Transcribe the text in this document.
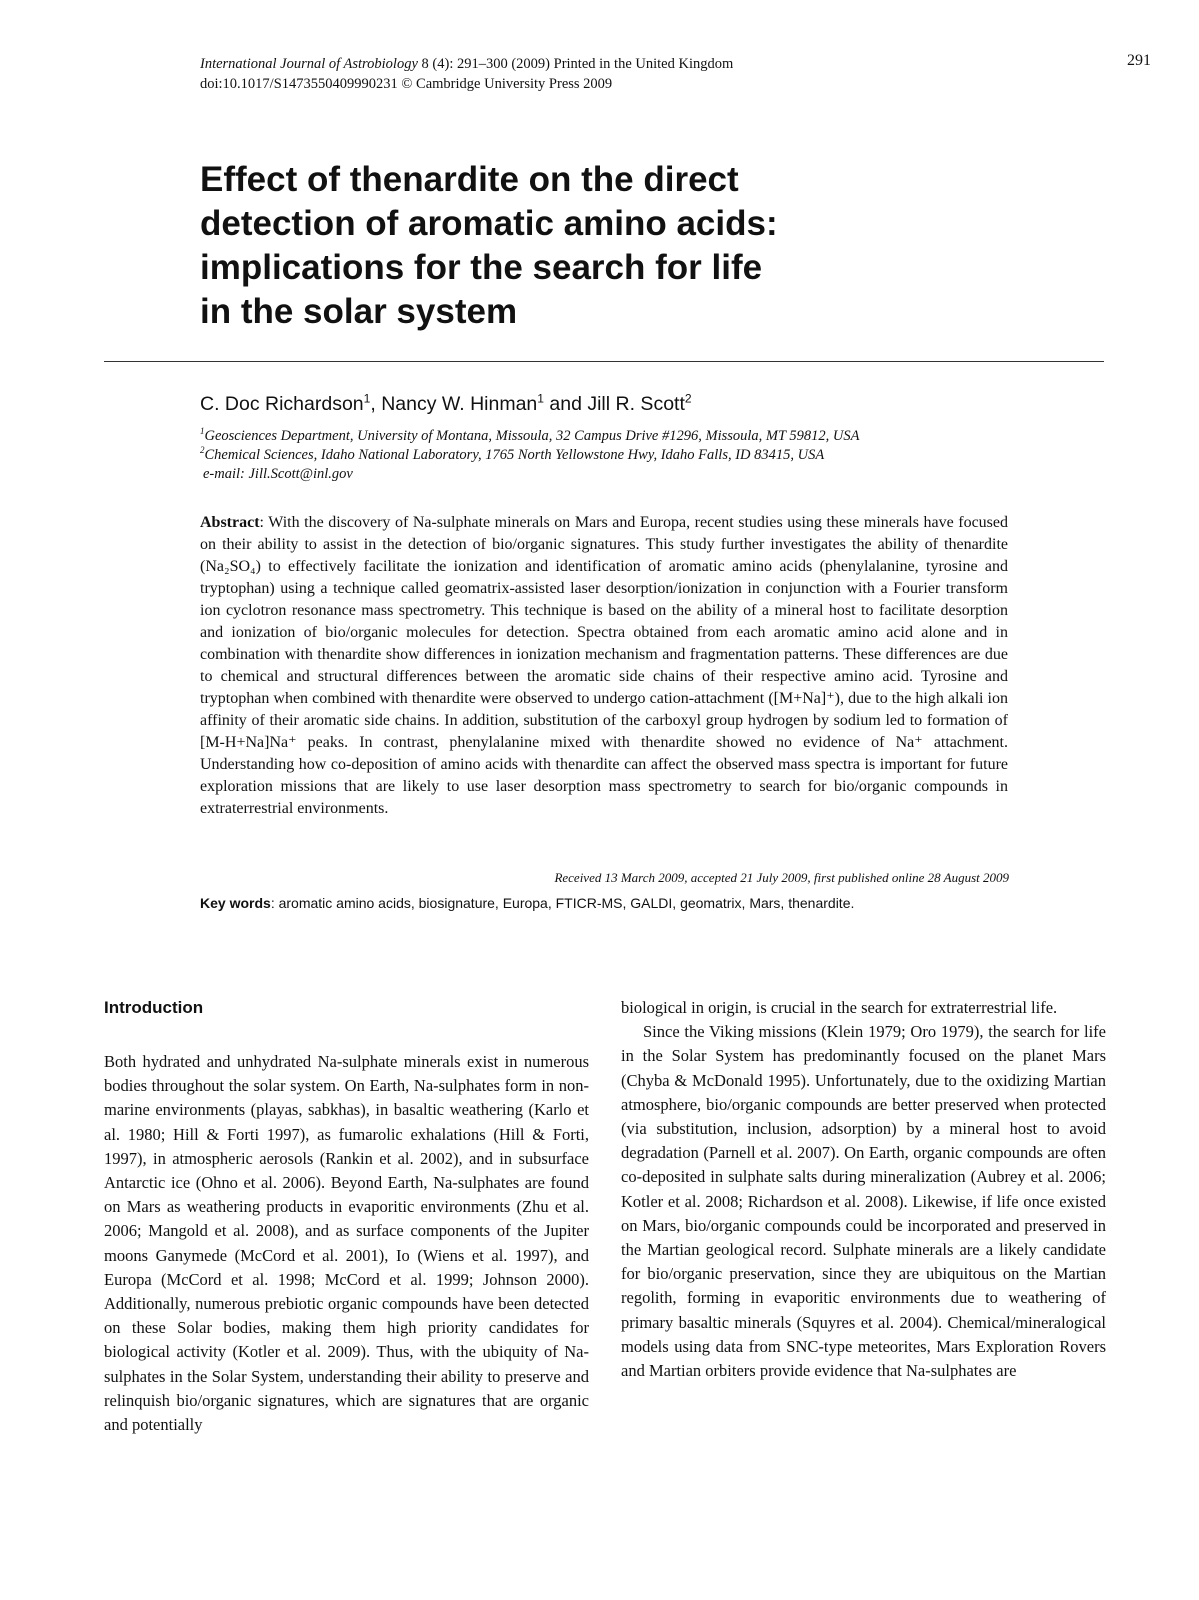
International Journal of Astrobiology 8 (4): 291–300 (2009) Printed in the United Kingdom
doi:10.1017/S1473550409990231 © Cambridge University Press 2009
291
Effect of thenardite on the direct
detection of aromatic amino acids:
implications for the search for life
in the solar system
C. Doc Richardson$^1$, Nancy W. Hinman$^1$ and Jill R. Scott$^2$
$^1$Geosciences Department, University of Montana, Missoula, 32 Campus Drive #1296, Missoula, MT 59812, USA
$^2$Chemical Sciences, Idaho National Laboratory, 1765 North Yellowstone Hwy, Idaho Falls, ID 83415, USA
e-mail: Jill.Scott@inl.gov
Abstract: With the discovery of Na-sulphate minerals on Mars and Europa, recent studies using these minerals have focused on their ability to assist in the detection of bio/organic signatures. This study further investigates the ability of thenardite (Na₂SO₄) to effectively facilitate the ionization and identification of aromatic amino acids (phenylalanine, tyrosine and tryptophan) using a technique called geomatrix-assisted laser desorption/ionization in conjunction with a Fourier transform ion cyclotron resonance mass spectrometry. This technique is based on the ability of a mineral host to facilitate desorption and ionization of bio/organic molecules for detection. Spectra obtained from each aromatic amino acid alone and in combination with thenardite show differences in ionization mechanism and fragmentation patterns. These differences are due to chemical and structural differences between the aromatic side chains of their respective amino acid. Tyrosine and tryptophan when combined with thenardite were observed to undergo cation-attachment ([M+Na]⁺), due to the high alkali ion affinity of their aromatic side chains. In addition, substitution of the carboxyl group hydrogen by sodium led to formation of [M-H+Na]Na⁺ peaks. In contrast, phenylalanine mixed with thenardite showed no evidence of Na⁺ attachment. Understanding how co-deposition of amino acids with thenardite can affect the observed mass spectra is important for future exploration missions that are likely to use laser desorption mass spectrometry to search for bio/organic compounds in extraterrestrial environments.
Received 13 March 2009, accepted 21 July 2009, first published online 28 August 2009
Key words: aromatic amino acids, biosignature, Europa, FTICR-MS, GALDI, geomatrix, Mars, thenardite.
Introduction

Both hydrated and unhydrated Na-sulphate minerals exist in numerous bodies throughout the solar system. On Earth, Na-sulphates form in non-marine environments (playas, sabkhas), in basaltic weathering (Karlo et al. 1980; Hill & Forti 1997), as fumarolic exhalations (Hill & Forti, 1997), in atmospheric aerosols (Rankin et al. 2002), and in subsurface Antarctic ice (Ohno et al. 2006). Beyond Earth, Na-sulphates are found on Mars as weathering products in evaporitic environments (Zhu et al. 2006; Mangold et al. 2008), and as surface components of the Jupiter moons Ganymede (McCord et al. 2001), Io (Wiens et al. 1997), and Europa (McCord et al. 1998; McCord et al. 1999; Johnson 2000). Additionally, numerous prebiotic organic compounds have been detected on these Solar bodies, making them high priority candidates for biological activity (Kotler et al. 2009). Thus, with the ubiquity of Na-sulphates in the Solar System, understanding their ability to preserve and relinquish bio/organic signatures, which are signatures that are organic and potentially

biological in origin, is crucial in the search for extraterrestrial life.

Since the Viking missions (Klein 1979; Oro 1979), the search for life in the Solar System has predominantly focused on the planet Mars (Chyba & McDonald 1995). Unfortunately, due to the oxidizing Martian atmosphere, bio/organic compounds are better preserved when protected (via substitution, inclusion, adsorption) by a mineral host to avoid degradation (Parnell et al. 2007). On Earth, organic compounds are often co-deposited in sulphate salts during mineralization (Aubrey et al. 2006; Kotler et al. 2008; Richardson et al. 2008). Likewise, if life once existed on Mars, bio/organic compounds could be incorporated and preserved in the Martian geological record. Sulphate minerals are a likely candidate for bio/organic preservation, since they are ubiquitous on the Martian regolith, forming in evaporitic environments due to weathering of primary basaltic minerals (Squyres et al. 2004). Chemical/mineralogical models using data from SNC-type meteorites, Mars Exploration Rovers and Martian orbiters provide evidence that Na-sulphates are
